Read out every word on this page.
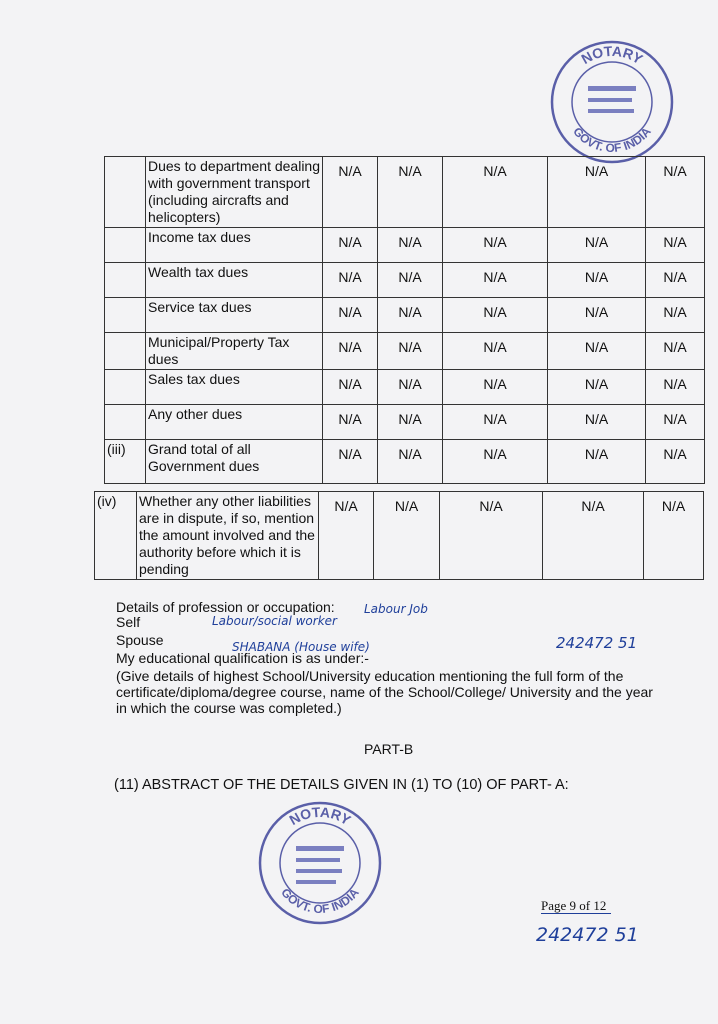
NOTARY
GOVT. OF INDIA
	Dues to department dealing with government transport (including aircrafts and helicopters)	N/A	N/A	N/A	N/A	N/A
	Income tax dues	N/A	N/A	N/A	N/A	N/A
	Wealth tax dues	N/A	N/A	N/A	N/A	N/A
	Service tax dues	N/A	N/A	N/A	N/A	N/A
	Municipal/Property Tax dues	N/A	N/A	N/A	N/A	N/A
	Sales tax dues	N/A	N/A	N/A	N/A	N/A
	Any other dues	N/A	N/A	N/A	N/A	N/A
(iii)	Grand total of all Government dues	N/A	N/A	N/A	N/A	N/A
(iv)	Whether any other liabilities are in dispute, if so, mention the amount involved and the authority before which it is pending	N/A	N/A	N/A	N/A	N/A
Details of profession or occupation: Labour Job
Self	Labour/social worker
Spouse	SHABANA (House wife)	242472 51
My educational qualification is as under:-
(Give details of highest School/University education mentioning the full form of the certificate/diploma/degree course, name of the School/College/ University and the year in which the course was completed.)
PART-B
(11) ABSTRACT OF THE DETAILS GIVEN IN (1) TO (10) OF PART- A:
NOTARY
GOVT. OF INDIA
Page 9 of 12
242472 51
